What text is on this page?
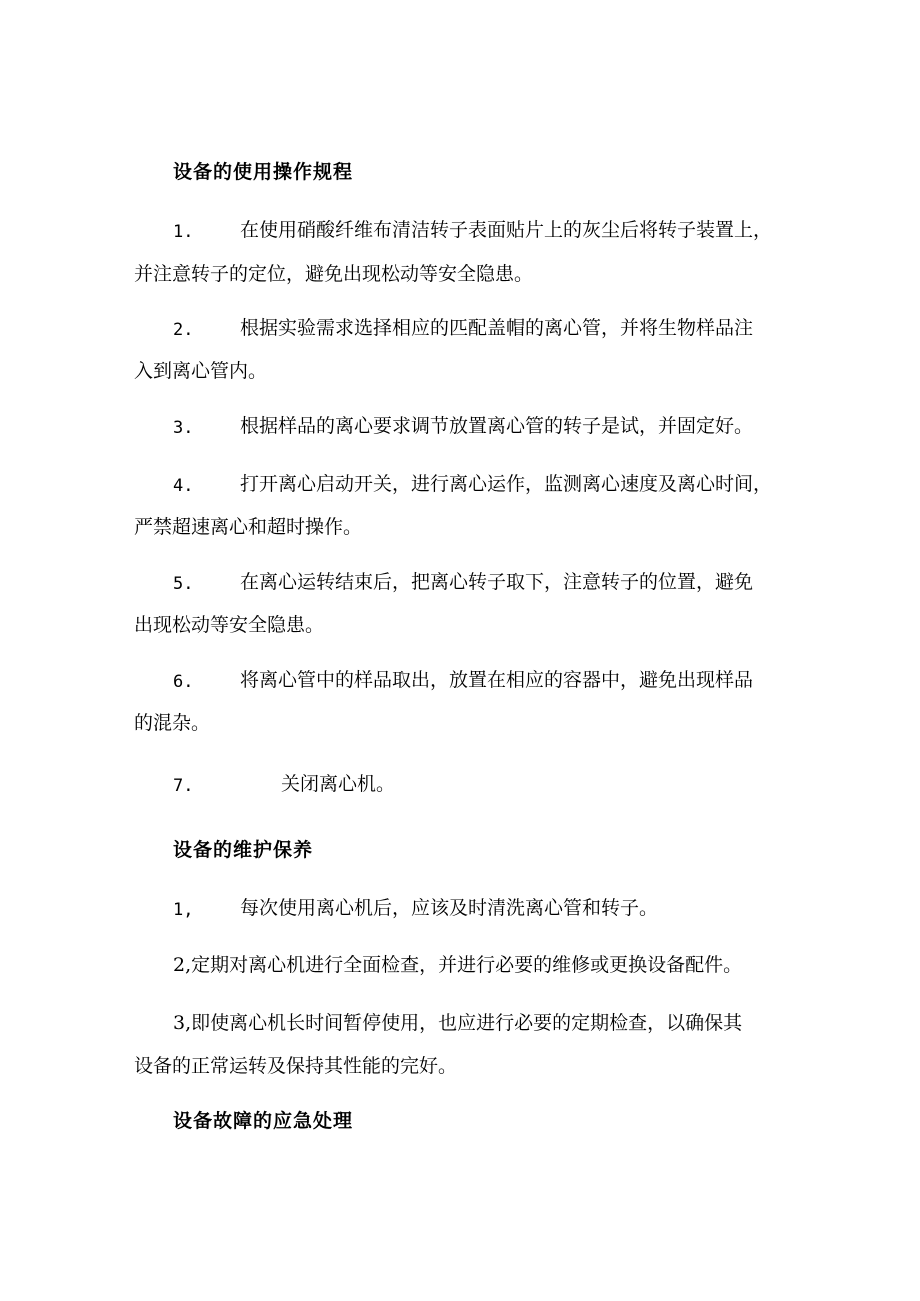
设备的使用操作规程
1. 在使用硝酸纤维布清洁转子表面贴片上的灰尘后将转子装置上，
并注意转子的定位，避免出现松动等安全隐患。
2. 根据实验需求选择相应的匹配盖帽的离心管，并将生物样品注
入到离心管内。
3. 根据样品的离心要求调节放置离心管的转子是试，并固定好。
4. 打开离心启动开关，进行离心运作，监测离心速度及离心时间，
严禁超速离心和超时操作。
5. 在离心运转结束后，把离心转子取下，注意转子的位置，避免
出现松动等安全隐患。
6. 将离心管中的样品取出，放置在相应的容器中，避免出现样品
的混杂。
7.	关闭离心机。
设备的维护保养
1, 每次使用离心机后，应该及时清洗离心管和转子。
2,定期对离心机进行全面检查，并进行必要的维修或更换设备配件。
3,即使离心机长时间暂停使用，也应进行必要的定期检查，以确保其
设备的正常运转及保持其性能的完好。
设备故障的应急处理
